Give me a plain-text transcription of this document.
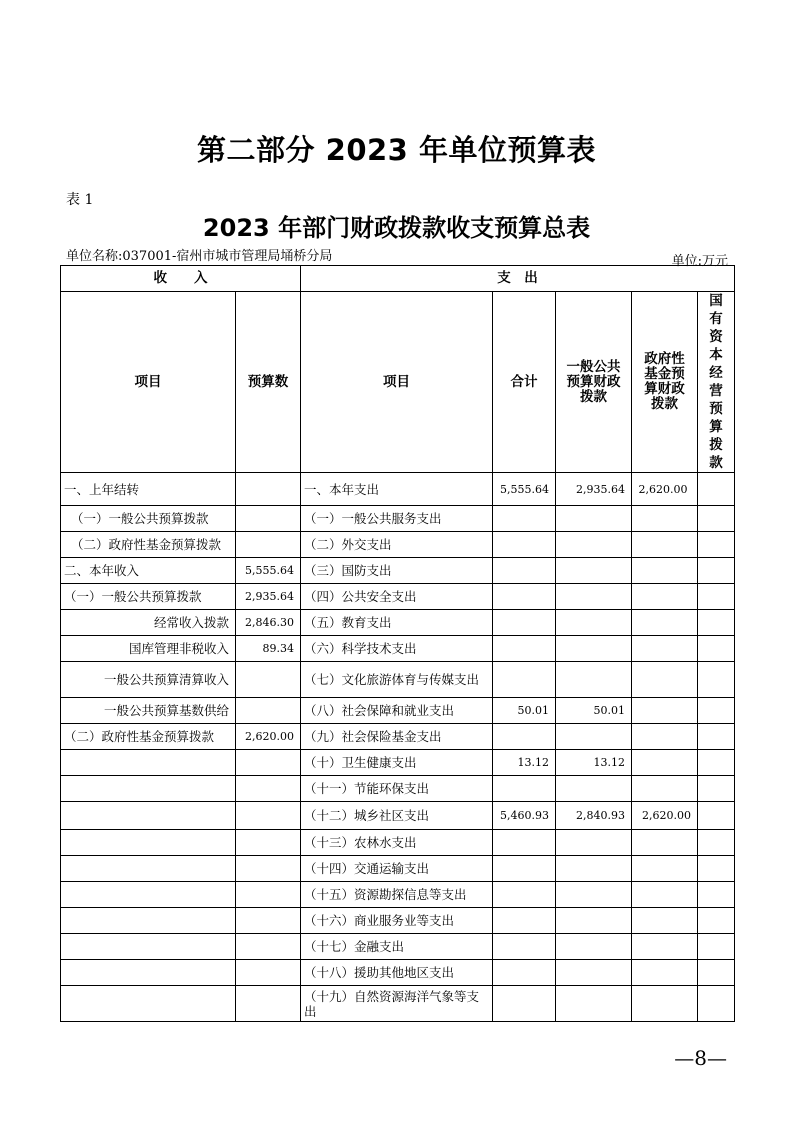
第二部分 2023 年单位预算表
表 1
2023 年部门财政拨款收支预算总表
单位名称:037001-宿州市城市管理局埇桥分局	单位:万元
收　　入		支　出				
项目	预算数	项目	合计	一般公共预算财政拨款	政府性基金预算财政拨款	国有资本经营预算拨款
一、上年结转		一、本年支出	5,555.64	2,935.64	2,620.00	
（一）一般公共预算拨款		（一）一般公共服务支出				
（二）政府性基金预算拨款		（二）外交支出				
二、本年收入	5,555.64	（三）国防支出				
（一）一般公共预算拨款	2,935.64	（四）公共安全支出				
经常收入拨款	2,846.30	（五）教育支出				
国库管理非税收入	89.34	（六）科学技术支出				
一般公共预算清算收入		（七）文化旅游体育与传媒支出				
一般公共预算基数供给		（八）社会保障和就业支出	50.01	50.01		
（二）政府性基金预算拨款	2,620.00	（九）社会保险基金支出				
		（十）卫生健康支出	13.12	13.12		
		（十一）节能环保支出				
		（十二）城乡社区支出	5,460.93	2,840.93	2,620.00	
		（十三）农林水支出				
		（十四）交通运输支出				
		（十五）资源勘探信息等支出				
		（十六）商业服务业等支出				
		（十七）金融支出				
		（十八）援助其他地区支出				
		（十九）自然资源海洋气象等支出				
—8—
